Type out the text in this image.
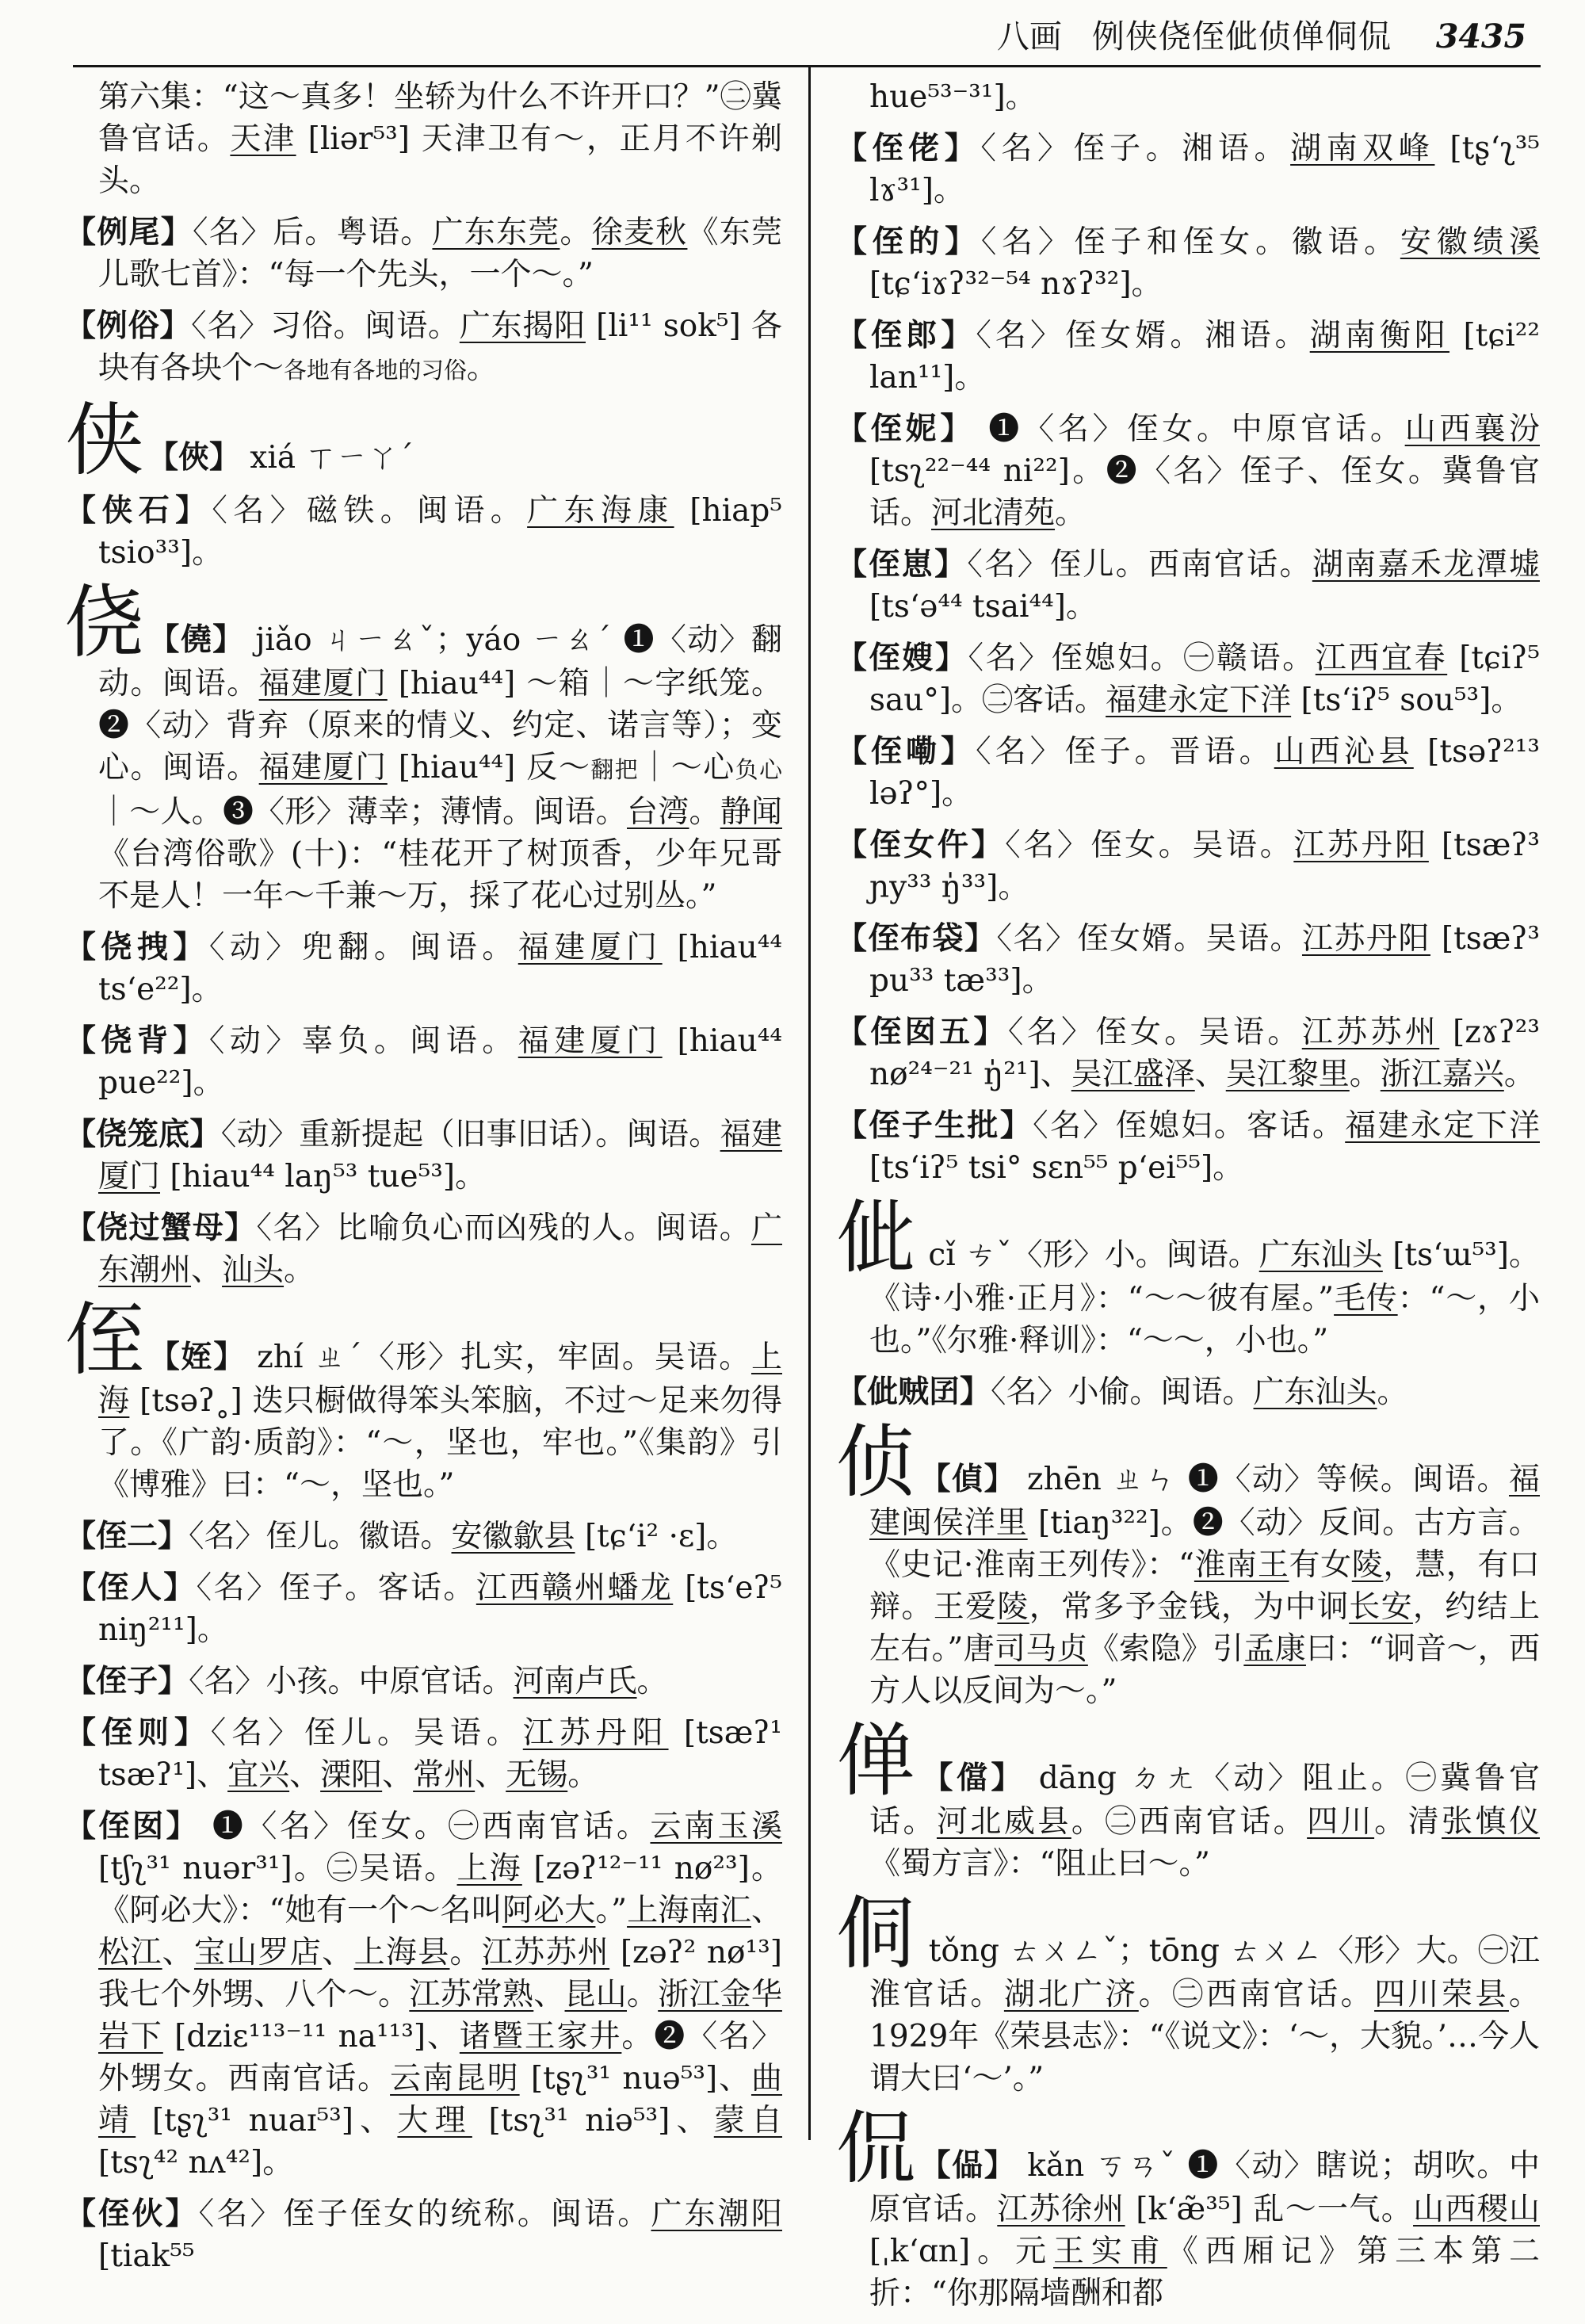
八画 例侠侥侄佌侦𫢸侗侃 3435

第六集：“这～真多！坐轿为什么不许开口？”㊁冀鲁官话。天津 [liər⁵³] 天津卫有～，正月不许剃头。

【例尾】〈名〉后。粤语。广东东莞。徐麦秋《东莞儿歌七首》：“每一个先头，一个～。”

【例俗】〈名〉习俗。闽语。广东揭阳 [li¹¹ sok⁵] 各块有各块个～各地有各地的习俗。

侠 【俠】 xiá ㄒㄧㄚˊ

【侠石】〈名〉磁铁。闽语。广东海康 [hiap⁵ tsio³³]。

侥 【僥】 jiǎo ㄐㄧㄠˇ；yáo ㄧㄠˊ ❶〈动〉翻动。闽语。福建厦门 [hiau⁴⁴] ～箱｜～字纸笼。❷〈动〉背弃（原来的情义、约定、诺言等）；变心。闽语。福建厦门 [hiau⁴⁴] 反～翻把｜～心负心｜～人。❸〈形〉薄幸；薄情。闽语。台湾。静闻《台湾俗歌》(十)：“桂花开了树顶香，少年兄哥不是人！一年～千兼～万，採了花心过别丛。”

【侥拽】〈动〉兜翻。闽语。福建厦门 [hiau⁴⁴ ts‘e²²]。

【侥背】〈动〉辜负。闽语。福建厦门 [hiau⁴⁴ pue²²]。

【侥笼底】〈动〉重新提起（旧事旧话）。闽语。福建厦门 [hiau⁴⁴ laŋ⁵³ tue⁵³]。

【侥过蟹母】〈名〉比喻负心而凶残的人。闽语。广东潮州、汕头。

侄 【姪】 zhí ㄓˊ〈形〉扎实，牢固。吴语。上海 [tsəʔ˳] 迭只橱做得笨头笨脑，不过～足来勿得了。《广韵·质韵》：“～，坚也，牢也。”《集韵》引《博雅》曰：“～，坚也。”

【侄二】〈名〉侄儿。徽语。安徽歙县 [tɕ‘i² ·ɛ]。

【侄人】〈名〉侄子。客话。江西赣州蟠龙 [ts‘eʔ⁵ niŋ²¹¹]。

【侄子】〈名〉小孩。中原官话。河南卢氏。

【侄则】〈名〉侄儿。吴语。江苏丹阳 [tsæʔ¹ tsæʔ¹]、宜兴、溧阳、常州、无锡。

【侄囡】 ❶〈名〉侄女。㊀西南官话。云南玉溪 [tʃʅ³¹ nuər³¹]。㊁吴语。上海 [zəʔ¹²⁻¹¹ nø²³]。《阿必大》：“她有一个～名叫阿必大。”上海南汇、松江、宝山罗店、上海县。江苏苏州 [zəʔ² nø¹³] 我七个外甥、八个～。江苏常熟、昆山。浙江金华岩下 [dziɛ¹¹³⁻¹¹ na¹¹³]、诸暨王家井。❷〈名〉外甥女。西南官话。云南昆明 [tʂʅ³¹ nuə⁵³]、曲靖 [tʂʅ³¹ nuaɪ⁵³]、大理 [tsʅ³¹ niə⁵³]、蒙自 [tsʅ⁴² nʌ⁴²]。

【侄伙】〈名〉侄子侄女的统称。闽语。广东潮阳 [tiak⁵⁵

hue⁵³⁻³¹]。

【侄佬】〈名〉侄子。湘语。湖南双峰 [tʂ‘ʅ³⁵ lɤ³¹]。

【侄的】〈名〉侄子和侄女。徽语。安徽绩溪 [tɕ‘iɤʔ³²⁻⁵⁴ nɤʔ³²]。

【侄郎】〈名〉侄女婿。湘语。湖南衡阳 [tɕi²² lan¹¹]。

【侄妮】 ❶〈名〉侄女。中原官话。山西襄汾 [tsʅ²²⁻⁴⁴ ni²²]。❷〈名〉侄子、侄女。冀鲁官话。河北清苑。

【侄崽】〈名〉侄儿。西南官话。湖南嘉禾龙潭墟 [ts‘ə⁴⁴ tsai⁴⁴]。

【侄嫂】〈名〉侄媳妇。㊀赣语。江西宜春 [tɕiʔ⁵ sau°]。㊁客话。福建永定下洋 [ts‘iʔ⁵ sou⁵³]。

【侄嘞】〈名〉侄子。晋语。山西沁县 [tsəʔ²¹³ ləʔ°]。

【侄女仵】〈名〉侄女。吴语。江苏丹阳 [tsæʔ³ ɲy³³ ŋ̍³³]。

【侄布袋】〈名〉侄女婿。吴语。江苏丹阳 [tsæʔ³ pu³³ tæ³³]。

【侄囡五】〈名〉侄女。吴语。江苏苏州 [zɤʔ²³ nø²⁴⁻²¹ ŋ̍²¹]、吴江盛泽、吴江黎里。浙江嘉兴。

【侄子生批】〈名〉侄媳妇。客话。福建永定下洋 [ts‘iʔ⁵ tsi° sɛn⁵⁵ p‘ei⁵⁵]。

佌 cǐ ㄘˇ〈形〉小。闽语。广东汕头 [ts‘ɯ⁵³]。《诗·小雅·正月》：“～～彼有屋。”毛传：“～，小也。”《尔雅·释训》：“～～，小也。”

【佌贼囝】〈名〉小偷。闽语。广东汕头。

侦 【偵】 zhēn ㄓㄣ ❶〈动〉等候。闽语。福建闽侯洋里 [tiaŋ³²²]。❷〈动〉反间。古方言。《史记·淮南王列传》：“淮南王有女陵，慧，有口辩。王爱陵，常多予金钱，为中诇长安，约结上左右。”唐司马贞《索隐》引孟康曰：“诇音～，西方人以反间为～。”

𫢸 【儅】 dāng ㄉㄤ〈动〉阻止。㊀冀鲁官话。河北威县。㊁西南官话。四川。清张慎仪《蜀方言》：“阻止曰～。”

侗 tǒng ㄊㄨㄥˇ；tōng ㄊㄨㄥ〈形〉大。㊀江淮官话。湖北广济。㊁西南官话。四川荣县。1929年《荣县志》：“《说文》：‘～，大貌。’…今人谓大曰‘～’。”

侃 【偘】 kǎn ㄎㄢˇ ❶〈动〉瞎说；胡吹。中原官话。江苏徐州 [k‘æ̃³⁵] 乱～一气。山西稷山 [ˌk‘ɑn]。元王实甫《西厢记》第三本第二折：“你那隔墙酬和都
